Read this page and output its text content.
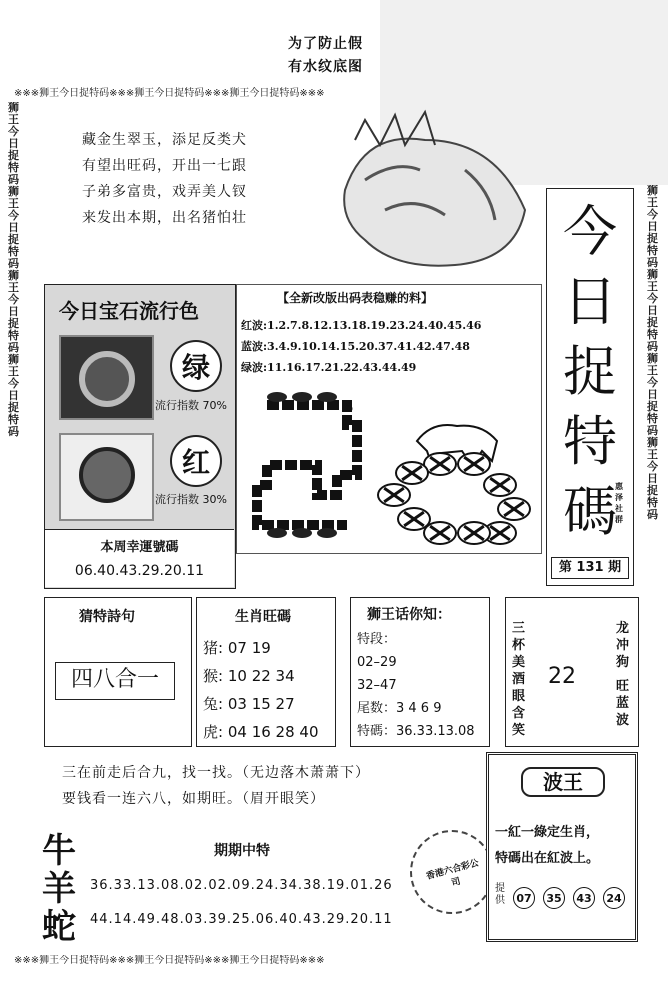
为了防止假
有水纹底图
※※※狮王今日捉特码※※※狮王今日捉特码※※※狮王今日捉特码※※※
※※※狮王今日捉特码※※※狮王今日捉特码※※※狮王今日捉特码※※※
狮王今日捉特码狮王今日捉特码狮王今日捉特码狮王今日捉特码
狮王今日捉特码狮王今日捉特码狮王今日捉特码狮王今日捉特码
藏金生翠玉，添足反类犬
有望出旺码，开出一七跟
子弟多富贵，戏弄美人钗
来发出本期，出名猪怕壮	今
日
捉
特
碼
惠 泽 社 群
第 131 期
今日宝石流行色
绿
流行指数 70%
红
流行指数 30%
本周幸運號碼
06.40.43.29.20.11
【全新改版出码表稳赚的料】
红波:1.2.7.8.12.13.18.19.23.24.40.45.46
蓝波:3.4.9.10.14.15.20.37.41.42.47.48
绿波:11.16.17.21.22.43.44.49
6
猜特詩句
四八合一
生肖旺碼
猪: 07 19
猴: 10 22 34
兔: 03 15 27
虎: 04 16 28 40
狮王话你知：
特段：
02–29
32–47
尾数：3 4 6 9
特碼：36.33.13.08
三杯美酒眼含笑
22
龙冲狗
旺蓝波
三在前走后合九，找一找。（无边落木萧萧下）
要钱看一连六八，如期旺。（眉开眼笑）
牛羊蛇
期期中特
36.33.13.08.02.02.09.24.34.38.19.01.26
44.14.49.48.03.39.25.06.40.43.29.20.11
香港六合彩公司
波王
一紅一綠定生肖，
特碼出在紅波上。
提供	07	35	43	24
